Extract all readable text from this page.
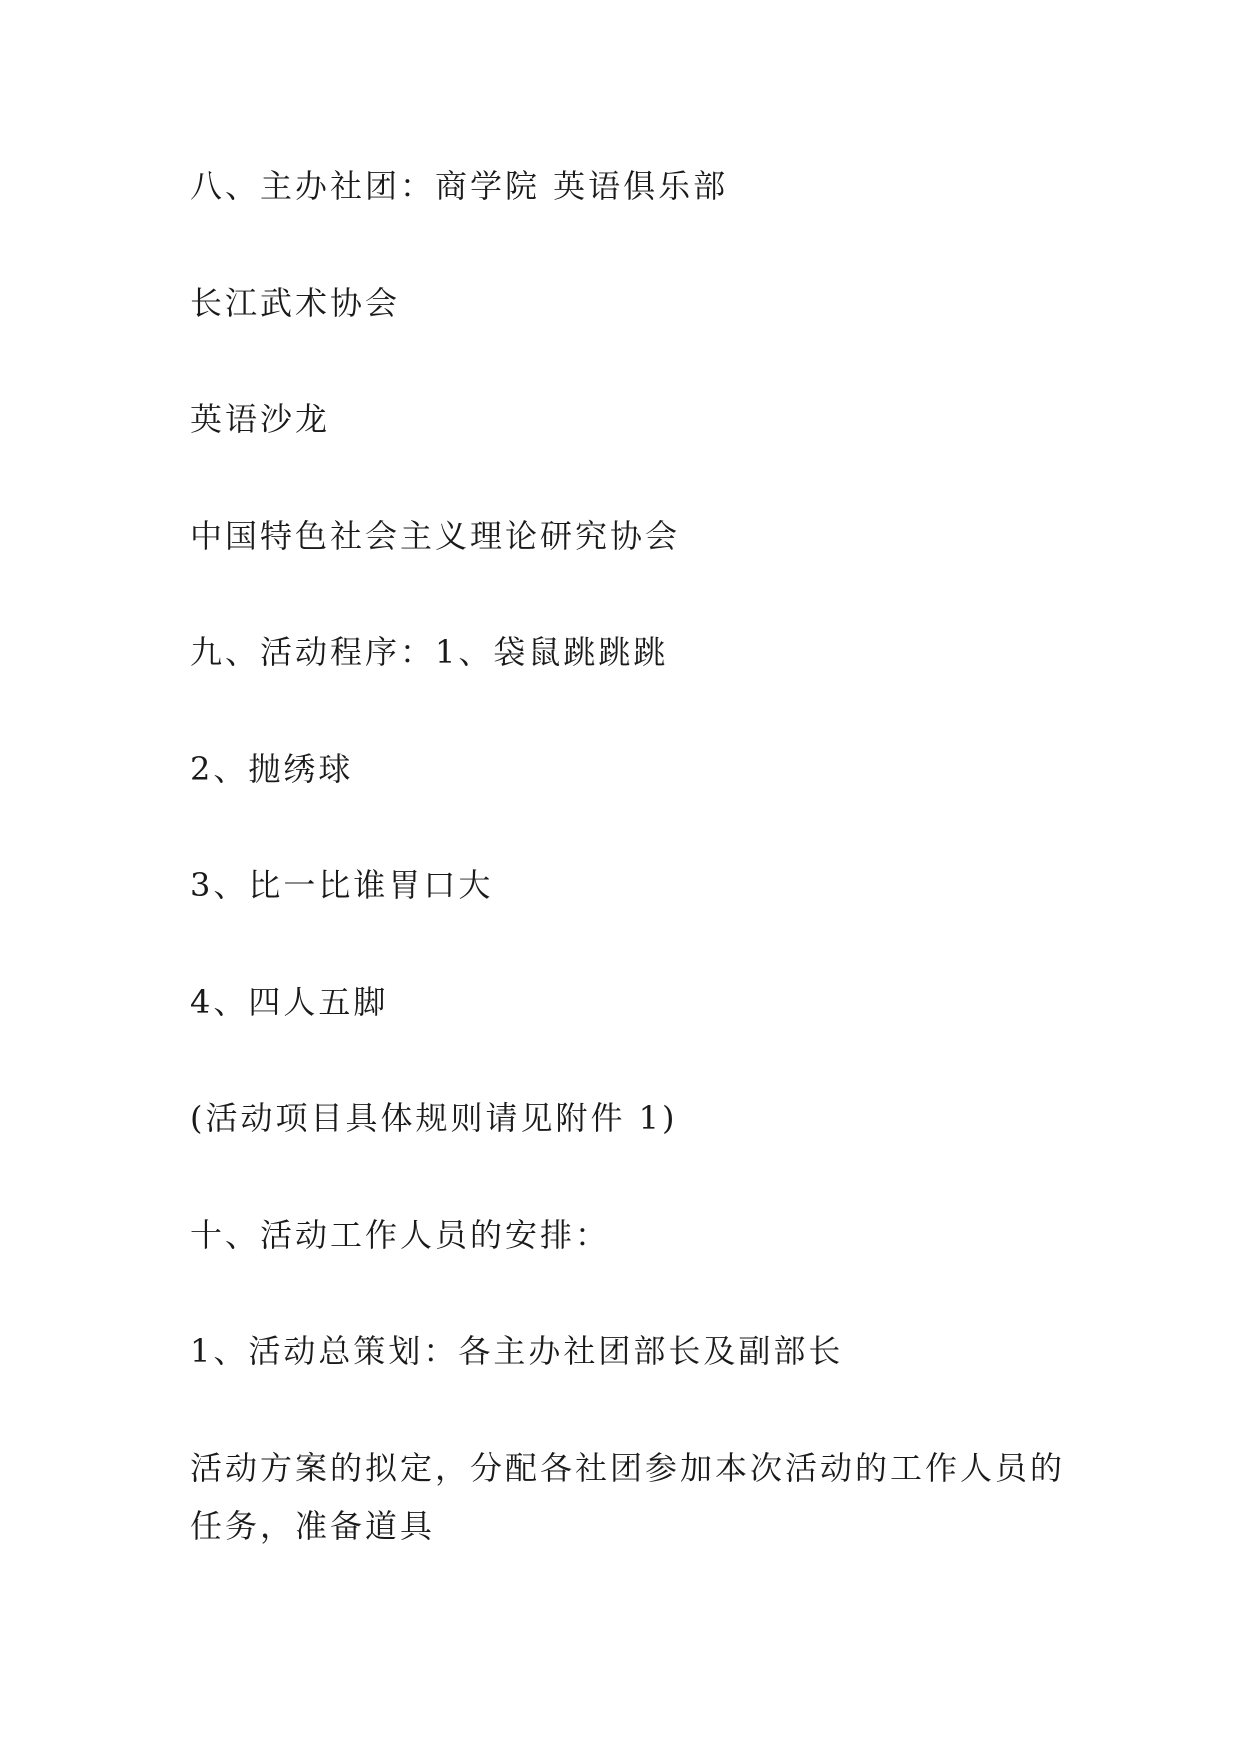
八、主办社团：商学院 英语俱乐部

长江武术协会

英语沙龙

中国特色社会主义理论研究协会

九、活动程序：1、袋鼠跳跳跳

2、抛绣球

3、比一比谁胃口大

4、四人五脚

(活动项目具体规则请见附件 1)

十、活动工作人员的安排：

1、活动总策划：各主办社团部长及副部长

活动方案的拟定，分配各社团参加本次活动的工作人员的任务，准备道具
